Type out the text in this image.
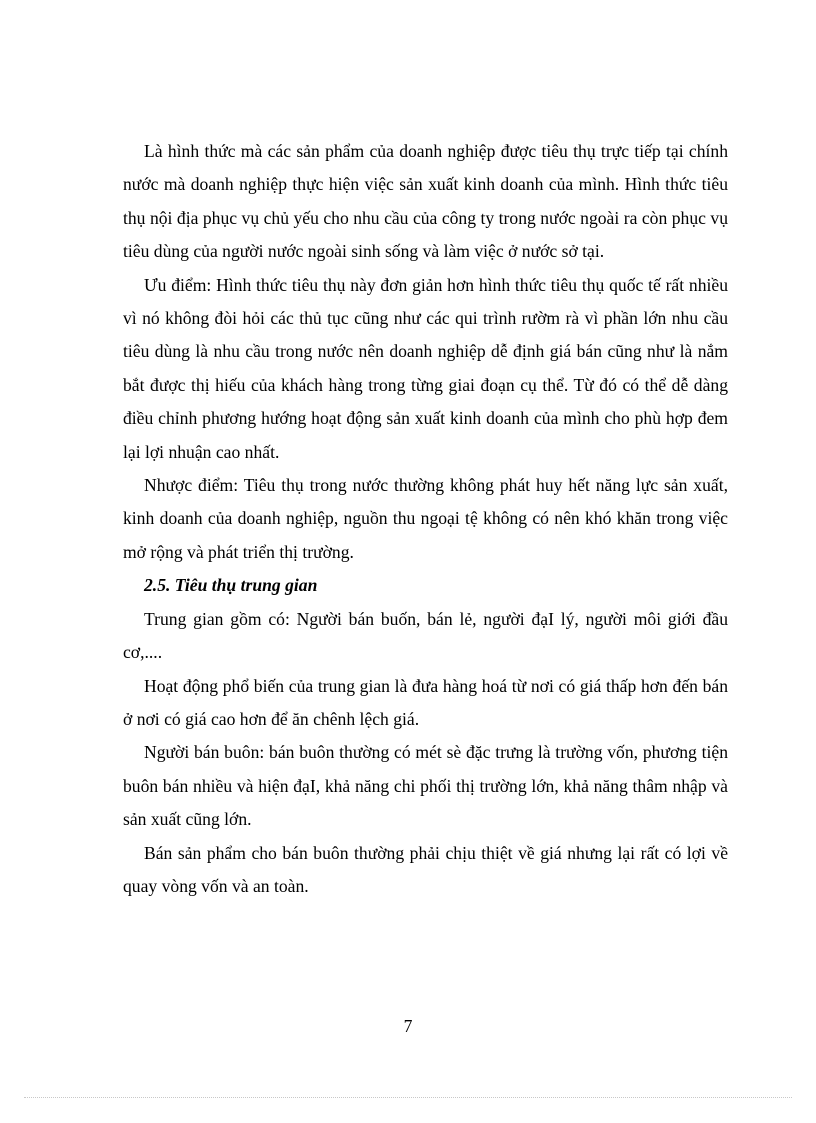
Là hình thức mà các sản phẩm của doanh nghiệp được tiêu thụ trực tiếp tại chính nước mà doanh nghiệp thực hiện việc sản xuất kinh doanh của mình. Hình thức tiêu thụ nội địa phục vụ chủ yếu cho nhu cầu của công ty trong nước ngoài ra còn phục vụ tiêu dùng của người nước ngoài sinh sống và làm việc ở nước sở tại.

Ưu điểm: Hình thức tiêu thụ này đơn giản hơn hình thức tiêu thụ quốc tế rất nhiều vì nó không đòi hỏi các thủ tục cũng như các qui trình rườm rà vì phần lớn nhu cầu tiêu dùng là nhu cầu trong nước nên doanh nghiệp dễ định giá bán cũng như là nắm bắt được thị hiếu của khách hàng trong từng giai đoạn cụ thể. Từ đó có thể dễ dàng điều chỉnh phương hướng hoạt động sản xuất kinh doanh của mình cho phù hợp đem lại lợi nhuận cao nhất.

Nhược điểm: Tiêu thụ trong nước thường không phát huy hết năng lực sản xuất, kinh doanh của doanh nghiệp, nguồn thu ngoại tệ không có nên khó khăn trong việc mở rộng và phát triển thị trường.

2.5. Tiêu thụ trung gian

Trung gian gồm có: Người bán buốn, bán lẻ, người đạI lý, người môi giới đầu cơ,....

Hoạt động phổ biến của trung gian là đưa hàng hoá từ nơi có giá thấp hơn đến bán ở nơi có giá cao hơn để ăn chênh lệch giá.

Người bán buôn: bán buôn thường có mét sè đặc trưng là trường vốn, phương tiện buôn bán nhiều và hiện đạI, khả năng chi phối thị trường lớn, khả năng thâm nhập và sản xuất cũng lớn.

Bán sản phẩm cho bán buôn thường phải chịu thiệt về giá nhưng lại rất có lợi về quay vòng vốn và an toàn.

7
